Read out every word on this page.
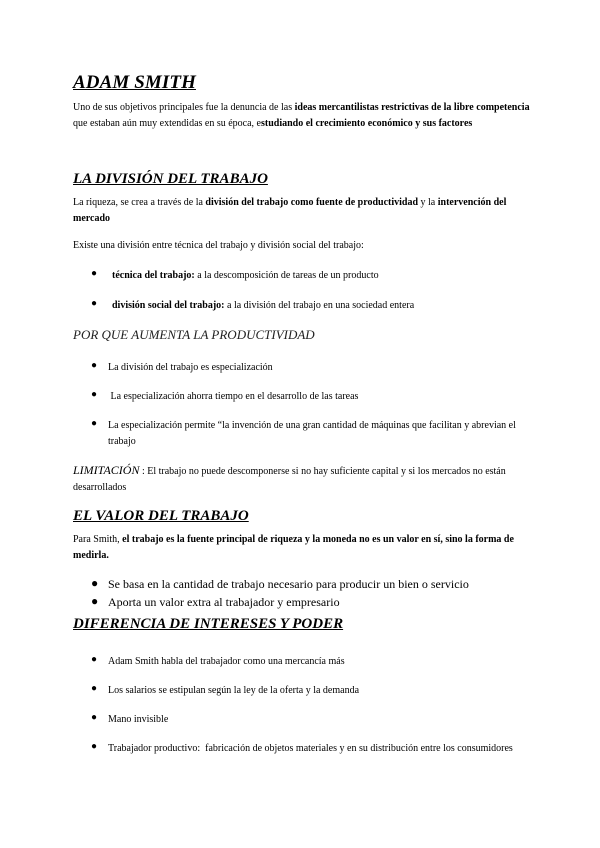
ADAM SMITH
Uno de sus objetivos principales fue la denuncia de las ideas mercantilistas restrictivas de la libre competencia que estaban aún muy extendidas en su época, estudiando el crecimiento económico y sus factores
LA DIVISIÓN DEL TRABAJO
La riqueza, se crea a través de la división del trabajo como fuente de productividad y la intervención del mercado
Existe una división entre técnica del trabajo y división social del trabajo:
● técnica del trabajo: a la descomposición de tareas de un producto
● división social del trabajo: a la división del trabajo en una sociedad entera
POR QUE AUMENTA LA PRODUCTIVIDAD
● La división del trabajo es especialización
● La especialización ahorra tiempo en el desarrollo de las tareas
● La especialización permite “la invención de una gran cantidad de máquinas que facilitan y abrevian el trabajo
LIMITACIÓN : El trabajo no puede descomponerse si no hay suficiente capital y si los mercados no están desarrollados
EL VALOR DEL TRABAJO
Para Smith, el trabajo es la fuente principal de riqueza y la moneda no es un valor en sí, sino la forma de medirla.
● Se basa en la cantidad de trabajo necesario para producir un bien o servicio
● Aporta un valor extra al trabajador y empresario
DIFERENCIA DE INTERESES Y PODER
● Adam Smith habla del trabajador como una mercancía más
● Los salarios se estipulan según la ley de la oferta y la demanda
● Mano invisible
● Trabajador productivo:  fabricación de objetos materiales y en su distribución entre los consumidores
